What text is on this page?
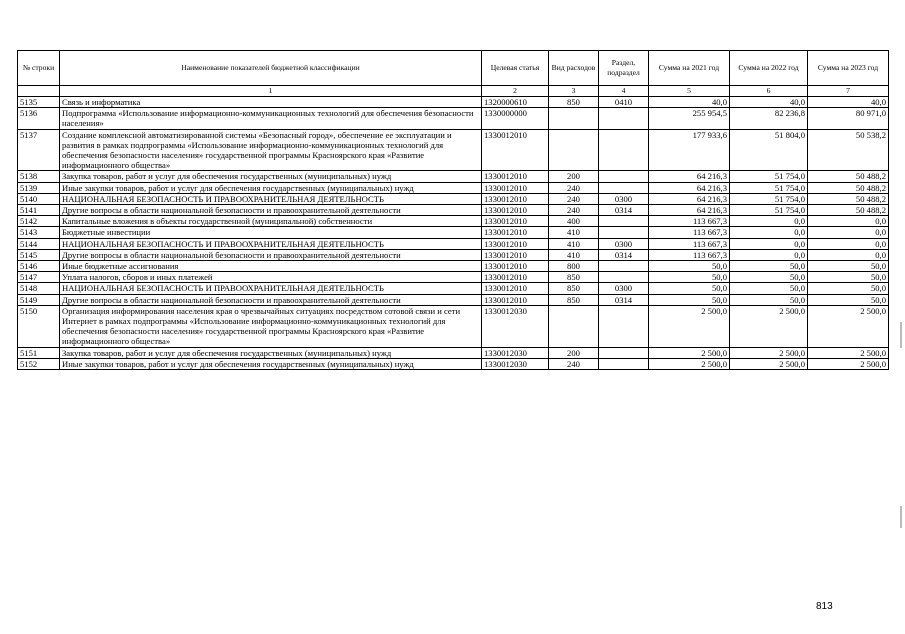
№ строки	Наименование показателей бюджетной классификации	Целевая статья	Вид расходов	Раздел, подраздел	Сумма на 2021 год	Сумма на 2022 год	Сумма на 2023 год
	1	2	3	4	5	6	7
5135	Связь и информатика	1320000610	850	0410	40,0	40,0	40,0
5136	Подпрограмма «Использование информационно-коммуникационных технологий для обеспечения безопасности населения»	1330000000			255 954,5	82 236,8	80 971,0
5137	Создание комплексной автоматизированной системы «Безопасный город», обеспечение ее эксплуатации и развития в рамках подпрограммы «Использование информационно-коммуникационных технологий для обеспечения безопасности населения» государственной программы Красноярского края «Развитие информационного общества»	1330012010			177 933,6	51 804,0	50 538,2
5138	Закупка товаров, работ и услуг для обеспечения государственных (муниципальных) нужд	1330012010	200		64 216,3	51 754,0	50 488,2
5139	Иные закупки товаров, работ и услуг для обеспечения государственных (муниципальных) нужд	1330012010	240		64 216,3	51 754,0	50 488,2
5140	НАЦИОНАЛЬНАЯ БЕЗОПАСНОСТЬ И ПРАВООХРАНИТЕЛЬНАЯ ДЕЯТЕЛЬНОСТЬ	1330012010	240	0300	64 216,3	51 754,0	50 488,2
5141	Другие вопросы в области национальной безопасности и правоохранительной деятельности	1330012010	240	0314	64 216,3	51 754,0	50 488,2
5142	Капитальные вложения в объекты государственной (муниципальной) собственности	1330012010	400		113 667,3	0,0	0,0
5143	Бюджетные инвестиции	1330012010	410		113 667,3	0,0	0,0
5144	НАЦИОНАЛЬНАЯ БЕЗОПАСНОСТЬ И ПРАВООХРАНИТЕЛЬНАЯ ДЕЯТЕЛЬНОСТЬ	1330012010	410	0300	113 667,3	0,0	0,0
5145	Другие вопросы в области национальной безопасности и правоохранительной деятельности	1330012010	410	0314	113 667,3	0,0	0,0
5146	Иные бюджетные ассигнования	1330012010	800		50,0	50,0	50,0
5147	Уплата налогов, сборов и иных платежей	1330012010	850		50,0	50,0	50,0
5148	НАЦИОНАЛЬНАЯ БЕЗОПАСНОСТЬ И ПРАВООХРАНИТЕЛЬНАЯ ДЕЯТЕЛЬНОСТЬ	1330012010	850	0300	50,0	50,0	50,0
5149	Другие вопросы в области национальной безопасности и правоохранительной деятельности	1330012010	850	0314	50,0	50,0	50,0
5150	Организация информирования населения края о чрезвычайных ситуациях посредством сотовой связи и сети Интернет в рамках подпрограммы «Использование информационно-коммуникационных технологий для обеспечения безопасности населения» государственной программы Красноярского края «Развитие информационного общества»	1330012030			2 500,0	2 500,0	2 500,0
5151	Закупка товаров, работ и услуг для обеспечения государственных (муниципальных) нужд	1330012030	200		2 500,0	2 500,0	2 500,0
5152	Иные закупки товаров, работ и услуг для обеспечения государственных (муниципальных) нужд	1330012030	240		2 500,0	2 500,0	2 500,0
813
